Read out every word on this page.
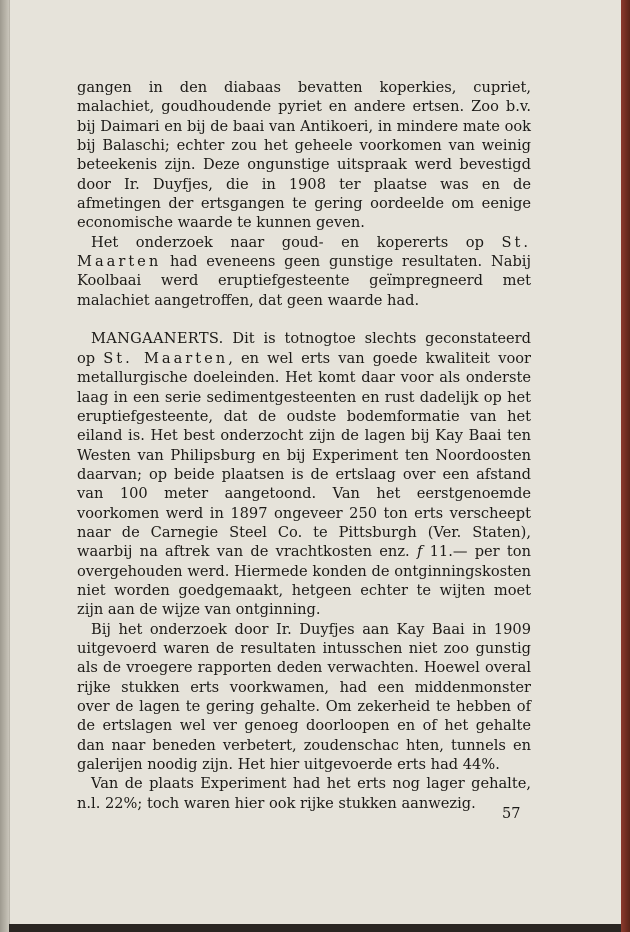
gangen in den diabaas bevatten koperkies, cupriet, malachiet, goudhoudende pyriet en andere ertsen. Zoo b.v. bij Daimari en bij de baai van Antikoeri, in mindere mate ook bij Balaschi; echter zou het geheele voorkomen van weinig beteekenis zijn. Deze ongunstige uitspraak werd bevestigd door Ir. Duyfjes, die in 1908 ter plaatse was en de afmetingen der ertsgangen te gering oordeelde om eenige economische waarde te kunnen geven.

Het onderzoek naar goud- en kopererts op St. Maarten had eveneens geen gunstige resultaten. Nabij Koolbaai werd eruptiefgesteente geïmpregneerd met malachiet aangetroffen, dat geen waarde had.

MANGAANERTS. Dit is totnogtoe slechts geconstateerd op St. Maarten, en wel erts van goede kwaliteit voor metallurgische doeleinden. Het komt daar voor als onderste laag in een serie sedimentgesteenten en rust dadelijk op het eruptiefgesteente, dat de oudste bodemformatie van het eiland is. Het best onderzocht zijn de lagen bij Kay Baai ten Westen van Philipsburg en bij Experiment ten Noordoosten daarvan; op beide plaatsen is de ertslaag over een afstand van 100 meter aangetoond. Van het eerstgenoemde voorkomen werd in 1897 ongeveer 250 ton erts verscheept naar de Carnegie Steel Co. te Pittsburgh (Ver. Staten), waarbij na aftrek van de vrachtkosten enz. f 11.— per ton overgehouden werd. Hiermede konden de ontginningskosten niet worden goedgemaakt, hetgeen echter te wijten moet zijn aan de wijze van ontginning.

Bij het onderzoek door Ir. Duyfjes aan Kay Baai in 1909 uitgevoerd waren de resultaten intusschen niet zoo gunstig als de vroegere rapporten deden verwachten. Hoewel overal rijke stukken erts voorkwamen, had een middenmonster over de lagen te gering gehalte. Om zekerheid te hebben of de ertslagen wel ver genoeg doorloopen en of het gehalte dan naar beneden verbetert, zoudenschac hten, tunnels en galerijen noodig zijn. Het hier uitgevoerde erts had 44%.

Van de plaats Experiment had het erts nog lager gehalte, n.l. 22%; toch waren hier ook rijke stukken aanwezig.

57
